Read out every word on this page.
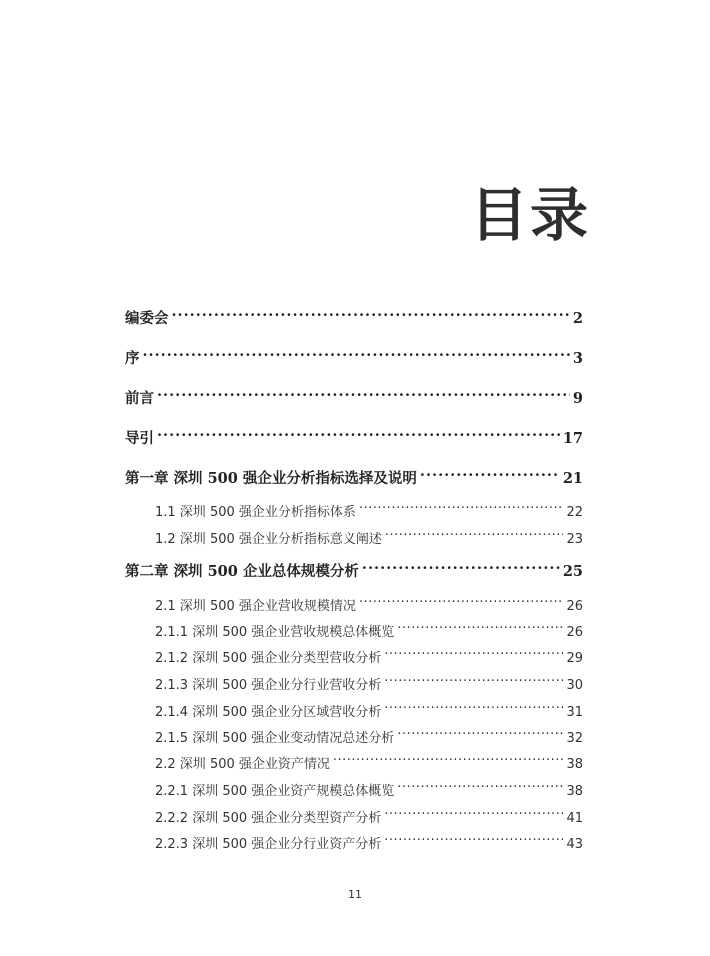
目录
编委会 .....	2
序 .....	3
前言 .....	9
导引 .....	17
第一章 深圳 500 强企业分析指标选择及说明 .....	21
1.1 深圳 500 强企业分析指标体系 .....	22
1.2 深圳 500 强企业分析指标意义阐述 .....	23
第二章 深圳 500 企业总体规模分析 .....	25
2.1 深圳 500 强企业营收规模情况 .....	26
2.1.1 深圳 500 强企业营收规模总体概览 .....	26
2.1.2 深圳 500 强企业分类型营收分析 .....	29
2.1.3 深圳 500 强企业分行业营收分析 .....	30
2.1.4 深圳 500 强企业分区域营收分析 .....	31
2.1.5 深圳 500 强企业变动情况总述分析 .....	32
2.2 深圳 500 强企业资产情况 .....	38
2.2.1 深圳 500 强企业资产规模总体概览 .....	38
2.2.2 深圳 500 强企业分类型资产分析 .....	41
2.2.3 深圳 500 强企业分行业资产分析 .....	43
11
